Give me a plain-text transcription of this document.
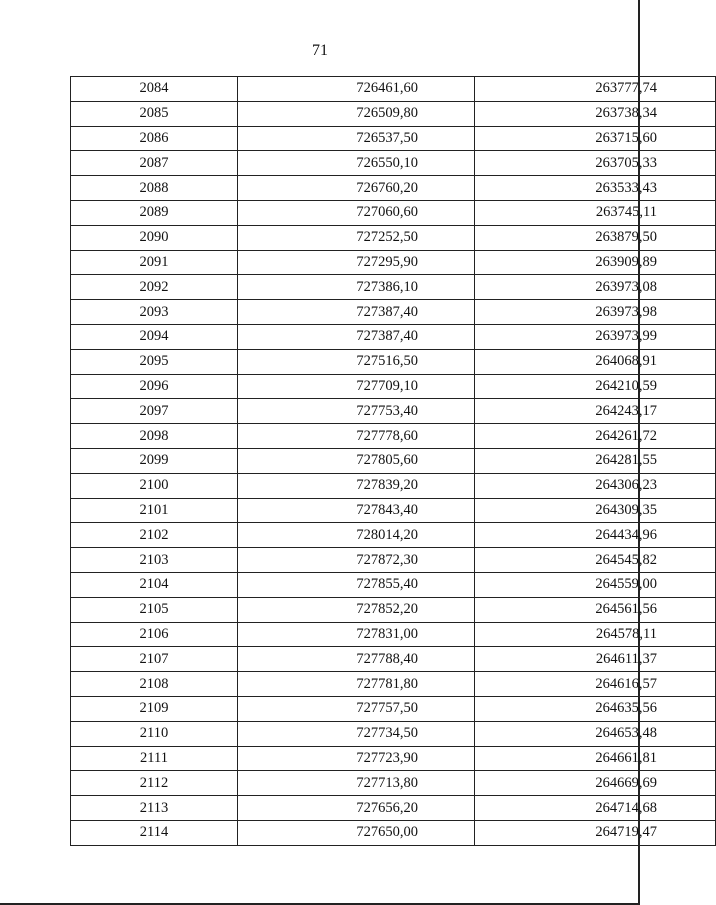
71
2084	726461,60	263777,74
2085	726509,80	263738,34
2086	726537,50	263715,60
2087	726550,10	263705,33
2088	726760,20	263533,43
2089	727060,60	263745,11
2090	727252,50	263879,50
2091	727295,90	263909,89
2092	727386,10	263973,08
2093	727387,40	263973,98
2094	727387,40	263973,99
2095	727516,50	264068,91
2096	727709,10	264210,59
2097	727753,40	264243,17
2098	727778,60	264261,72
2099	727805,60	264281,55
2100	727839,20	264306,23
2101	727843,40	264309,35
2102	728014,20	264434,96
2103	727872,30	264545,82
2104	727855,40	264559,00
2105	727852,20	264561,56
2106	727831,00	264578,11
2107	727788,40	264611,37
2108	727781,80	264616,57
2109	727757,50	264635,56
2110	727734,50	264653,48
2111	727723,90	264661,81
2112	727713,80	264669,69
2113	727656,20	264714,68
2114	727650,00	264719,47
